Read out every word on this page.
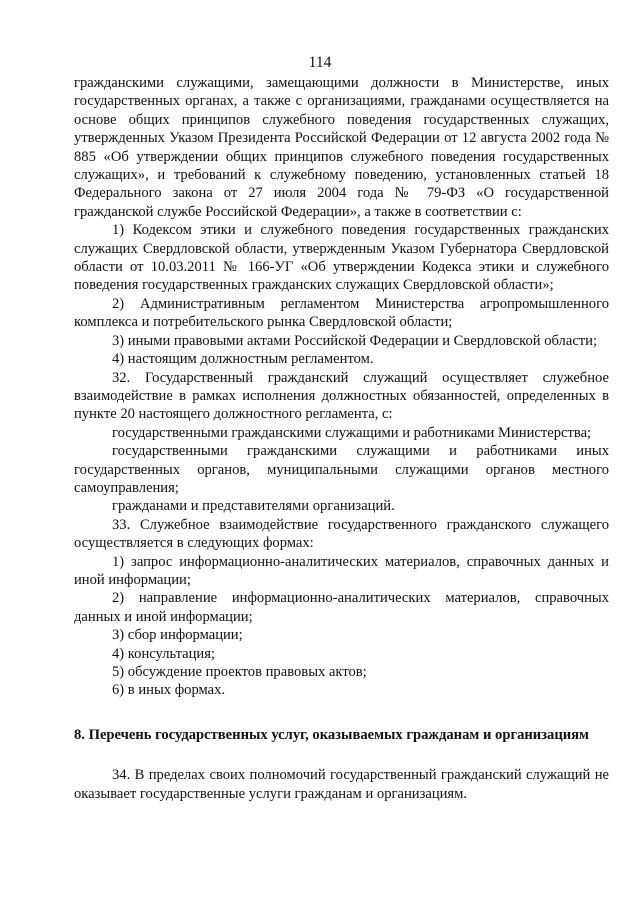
114

гражданскими служащими, замещающими должности в Министерстве, иных государственных органах, а также с организациями, гражданами осуществляется на основе общих принципов служебного поведения государственных служащих, утвержденных Указом Президента Российской Федерации от 12 августа 2002 года № 885 «Об утверждении общих принципов служебного поведения государственных служащих», и требований к служебному поведению, установленных статьей 18 Федерального закона от 27 июля 2004 года № 79-ФЗ «О государственной гражданской службе Российской Федерации», а также в соответствии с:

1) Кодексом этики и служебного поведения государственных гражданских служащих Свердловской области, утвержденным Указом Губернатора Свердловской области от 10.03.2011 № 166-УГ «Об утверждении Кодекса этики и служебного поведения государственных гражданских служащих Свердловской области»;

2) Административным регламентом Министерства агропромышленного комплекса и потребительского рынка Свердловской области;

3) иными правовыми актами Российской Федерации и Свердловской области;

4) настоящим должностным регламентом.

32. Государственный гражданский служащий осуществляет служебное взаимодействие в рамках исполнения должностных обязанностей, определенных в пункте 20 настоящего должностного регламента, с:

государственными гражданскими служащими и работниками Министерства;

государственными гражданскими служащими и работниками иных государственных органов, муниципальными служащими органов местного самоуправления;

гражданами и представителями организаций.

33. Служебное взаимодействие государственного гражданского служащего осуществляется в следующих формах:

1) запрос информационно-аналитических материалов, справочных данных и иной информации;

2) направление информационно-аналитических материалов, справочных данных и иной информации;

3) сбор информации;

4) консультация;

5) обсуждение проектов правовых актов;

6) в иных формах.

8. Перечень государственных услуг, оказываемых гражданам и организациям

34. В пределах своих полномочий государственный гражданский служащий не оказывает государственные услуги гражданам и организациям.
